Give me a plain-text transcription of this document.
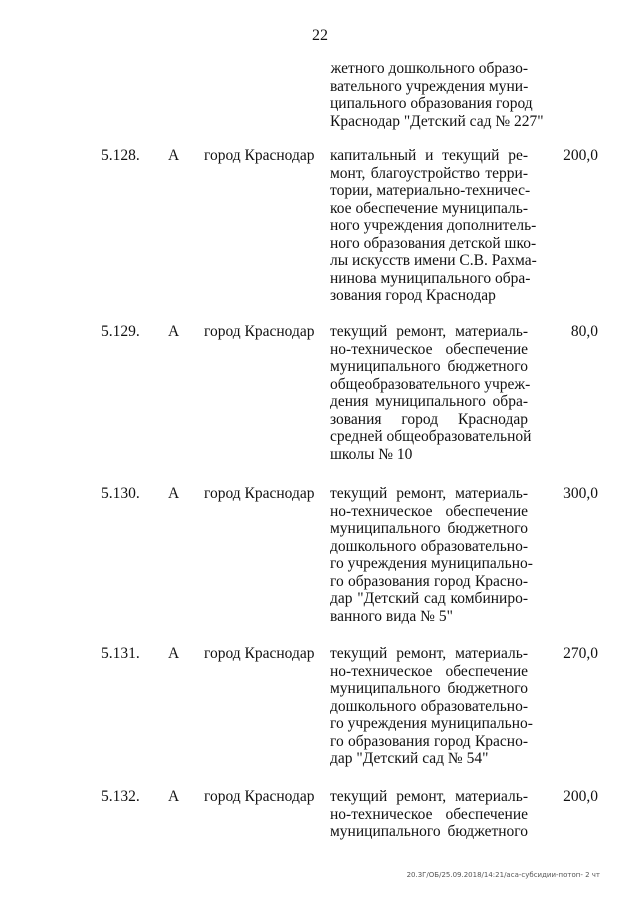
22
жетного дошкольного образо-
вательного учреждения муни-
ципального образования город
Краснодар "Детский сад № 227"
5.128. А город Краснодар капитальный и текущий ре-
монт, благоустройство терри-
тории, материально-техничес-
кое обеспечение муниципаль-
ного учреждения дополнитель-
ного образования детской шко-
лы искусств имени С.В. Рахма-
нинова муниципального обра-
зования город Краснодар
200,0
5.129. А город Краснодар текущий ремонт, материаль-
но-техническое обеспечение
муниципального бюджетного
общеобразовательного учреж-
дения муниципального обра-
зования город Краснодар
средней общеобразовательной
школы № 10
80,0
5.130. А город Краснодар текущий ремонт, материаль-
но-техническое обеспечение
муниципального бюджетного
дошкольного образовательно-
го учреждения муниципально-
го образования город Красно-
дар "Детский сад комбиниро-
ванного вида № 5"
300,0
5.131. А город Краснодар текущий ремонт, материаль-
но-техническое обеспечение
муниципального бюджетного
дошкольного образовательно-
го учреждения муниципально-
го образования город Красно-
дар "Детский сад № 54"
270,0
5.132. А город Краснодар текущий ремонт, материаль-
но-техническое обеспечение
муниципального бюджетного
200,0
20.3Г/ОБ/25.09.2018/14:21/aca-субсидии-потоп- 2 чт
